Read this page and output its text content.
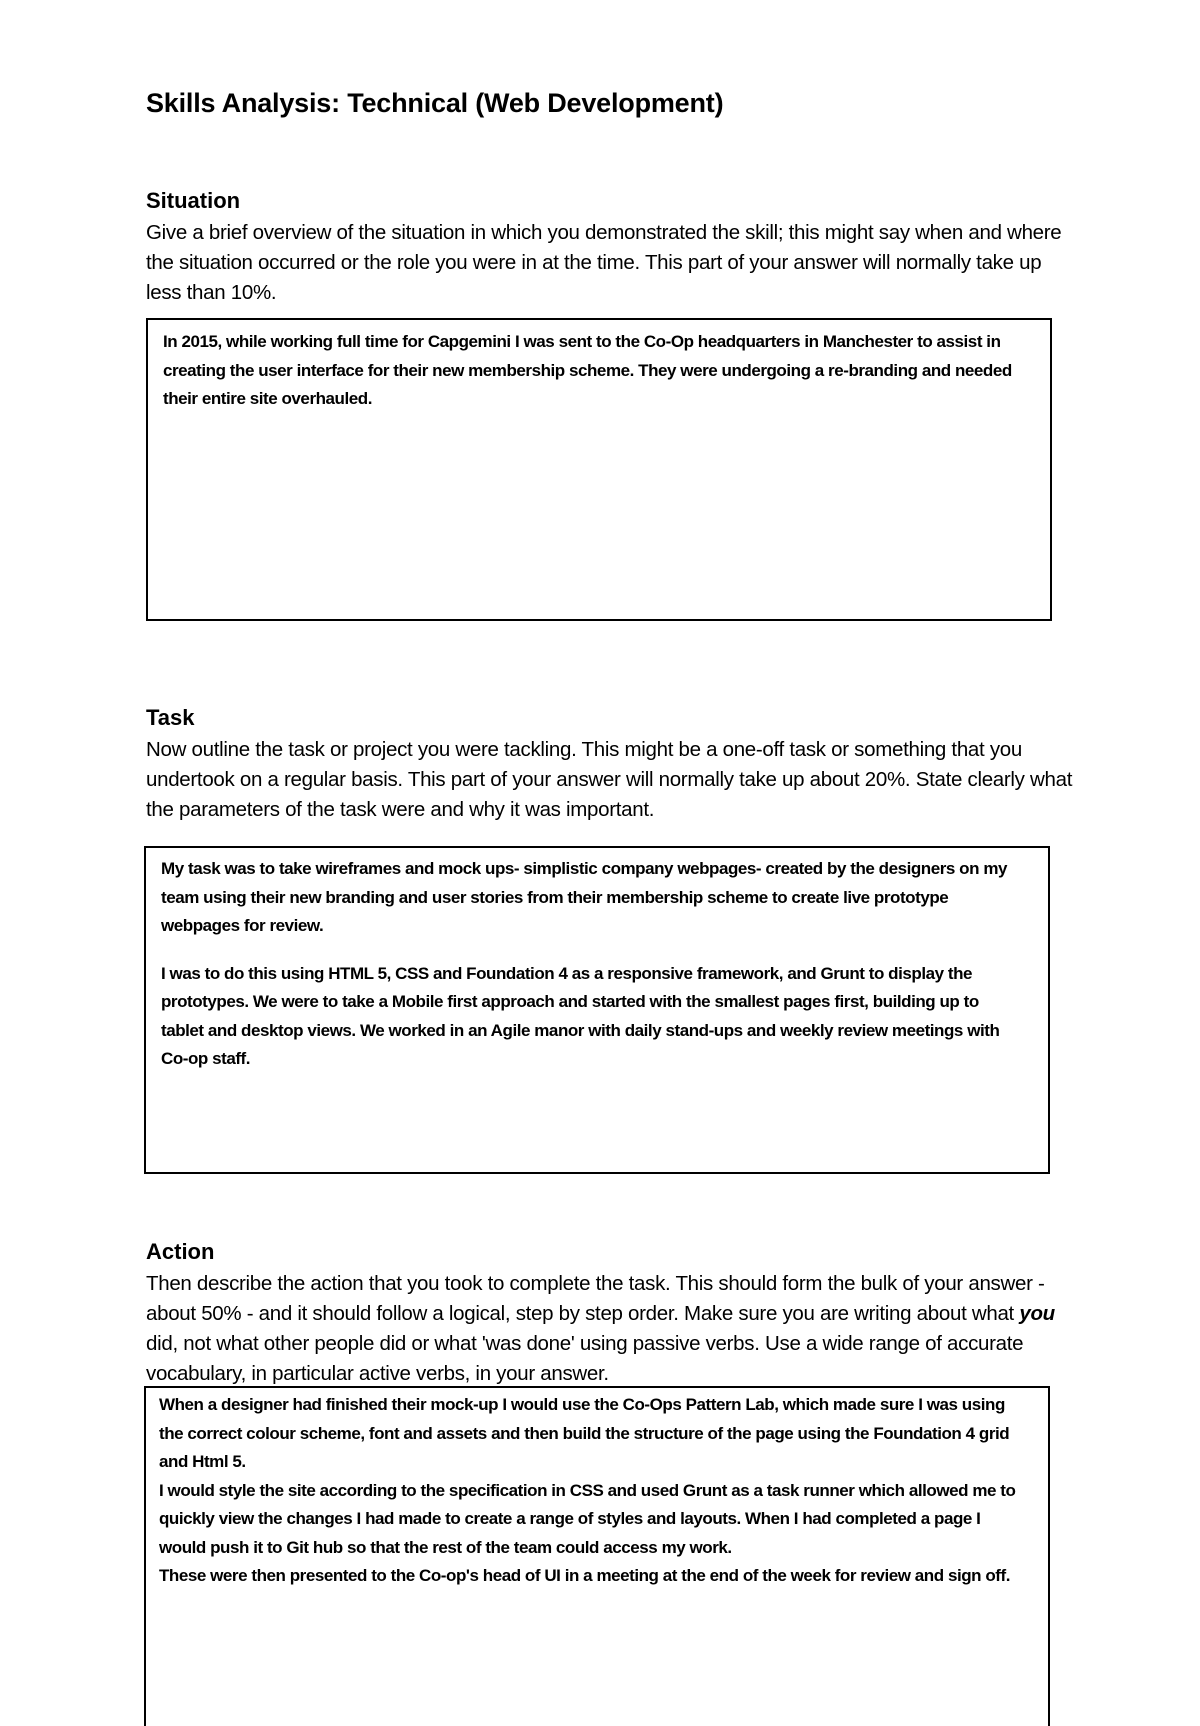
Skills Analysis: Technical (Web Development)
Situation
Give a brief overview of the situation in which you demonstrated the skill; this might say when and where the situation occurred or the role you were in at the time. This part of your answer will normally take up less than 10%.

In 2015, while working full time for Capgemini I was sent to the Co-Op headquarters in Manchester to assist in creating the user interface for their new membership scheme. They were undergoing a re-branding and needed their entire site overhauled.

Task
Now outline the task or project you were tackling. This might be a one-off task or something that you undertook on a regular basis. This part of your answer will normally take up about 20%. State clearly what the parameters of the task were and why it was important.

My task was to take wireframes and mock ups- simplistic company webpages- created by the designers on my team using their new branding and user stories from their membership scheme to create live prototype webpages for review.

I was to do this using HTML 5, CSS and Foundation 4 as a responsive framework, and Grunt to display the prototypes. We were to take a Mobile first approach and started with the smallest pages first, building up to tablet and desktop views. We worked in an Agile manor with daily stand-ups and weekly review meetings with Co-op staff.

Action
Then describe the action that you took to complete the task. This should form the bulk of your answer - about 50% - and it should follow a logical, step by step order. Make sure you are writing about what you did, not what other people did or what 'was done' using passive verbs. Use a wide range of accurate vocabulary, in particular active verbs, in your answer.

When a designer had finished their mock-up I would use the Co-Ops Pattern Lab, which made sure I was using the correct colour scheme, font and assets and then build the structure of the page using the Foundation 4 grid and Html 5.

I would style the site according to the specification in CSS and used Grunt as a task runner which allowed me to quickly view the changes I had made to create a range of styles and layouts. When I had completed a page I would push it to Git hub so that the rest of the team could access my work.

These were then presented to the Co-op's head of UI in a meeting at the end of the week for review and sign off.
